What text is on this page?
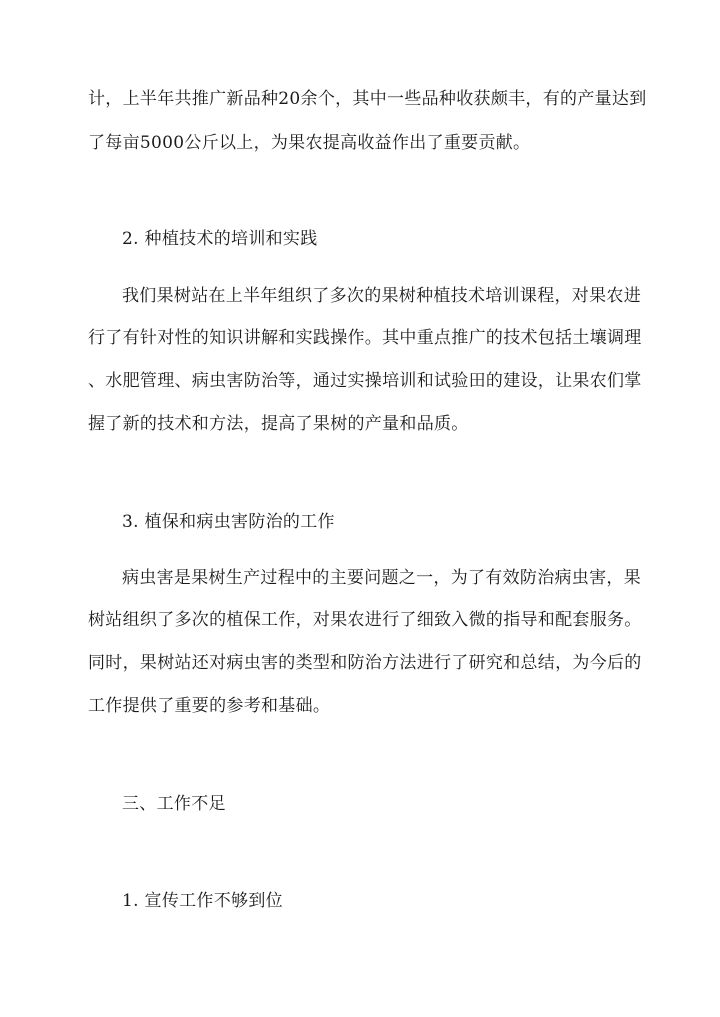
计，上半年共推广新品种20余个，其中一些品种收获颇丰，有的产量达到
了每亩5000公斤以上，为果农提高收益作出了重要贡献。
2. 种植技术的培训和实践
我们果树站在上半年组织了多次的果树种植技术培训课程，对果农进
行了有针对性的知识讲解和实践操作。其中重点推广的技术包括土壤调理
、水肥管理、病虫害防治等，通过实操培训和试验田的建设，让果农们掌
握了新的技术和方法，提高了果树的产量和品质。
3. 植保和病虫害防治的工作
病虫害是果树生产过程中的主要问题之一，为了有效防治病虫害，果
树站组织了多次的植保工作，对果农进行了细致入微的指导和配套服务。
同时，果树站还对病虫害的类型和防治方法进行了研究和总结，为今后的
工作提供了重要的参考和基础。
三、工作不足
1. 宣传工作不够到位
